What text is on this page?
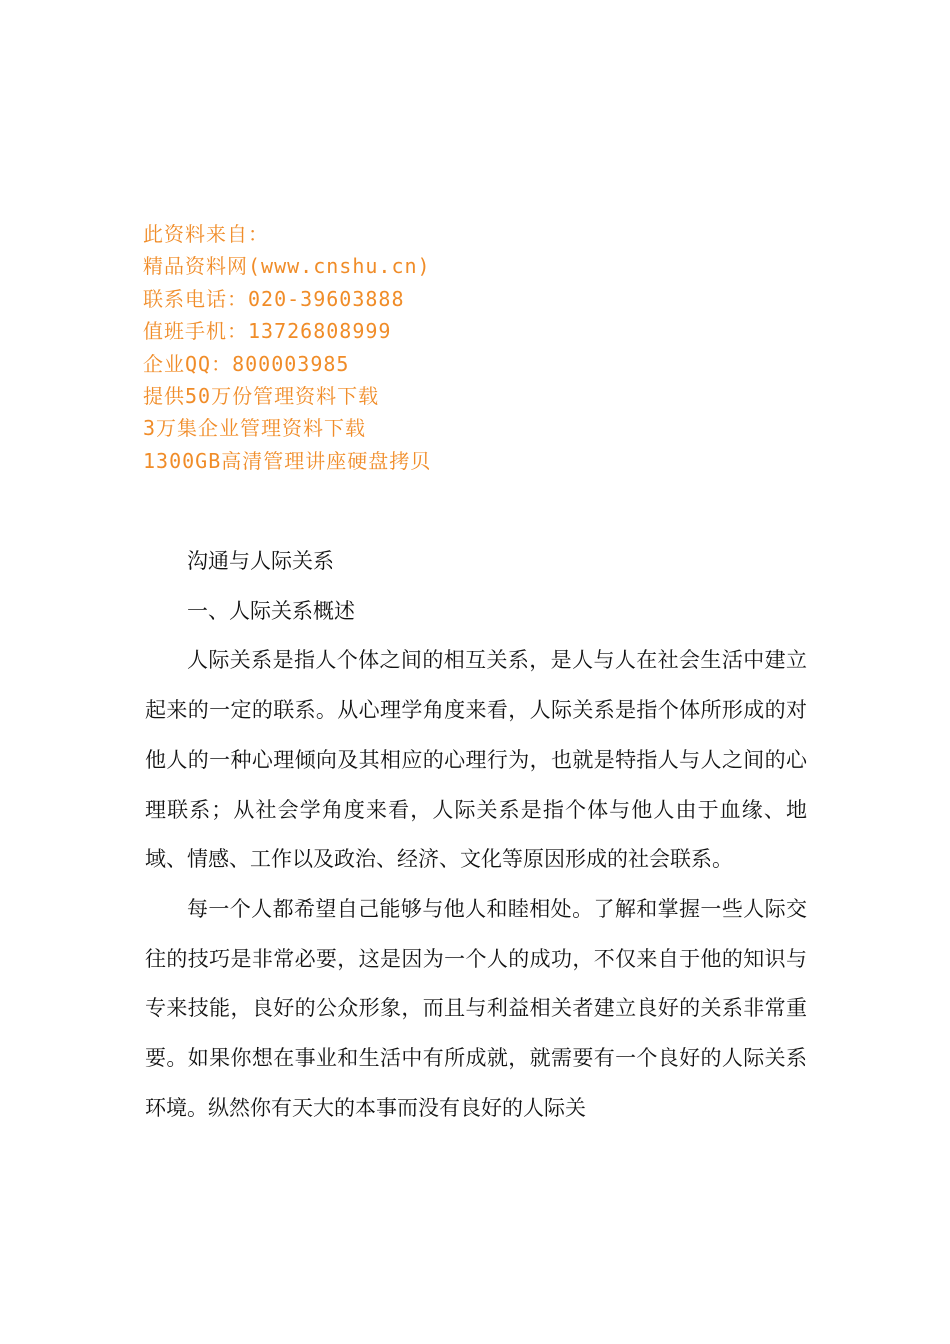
此资料来自：
精品资料网(www.cnshu.cn)
联系电话：020-39603888
值班手机：13726808999
企业QQ：800003985
提供50万份管理资料下载
3万集企业管理资料下载
1300GB高清管理讲座硬盘拷贝
沟通与人际关系
一、人际关系概述

人际关系是指人个体之间的相互关系，是人与人在社会生活中建立起来的一定的联系。从心理学角度来看，人际关系是指个体所形成的对他人的一种心理倾向及其相应的心理行为，也就是特指人与人之间的心理联系；从社会学角度来看，人际关系是指个体与他人由于血缘、地域、情感、工作以及政治、经济、文化等原因形成的社会联系。

每一个人都希望自己能够与他人和睦相处。了解和掌握一些人际交往的技巧是非常必要，这是因为一个人的成功，不仅来自于他的知识与专来技能，良好的公众形象，而且与利益相关者建立良好的关系非常重要。如果你想在事业和生活中有所成就，就需要有一个良好的人际关系环境。纵然你有天大的本事而没有良好的人际关
